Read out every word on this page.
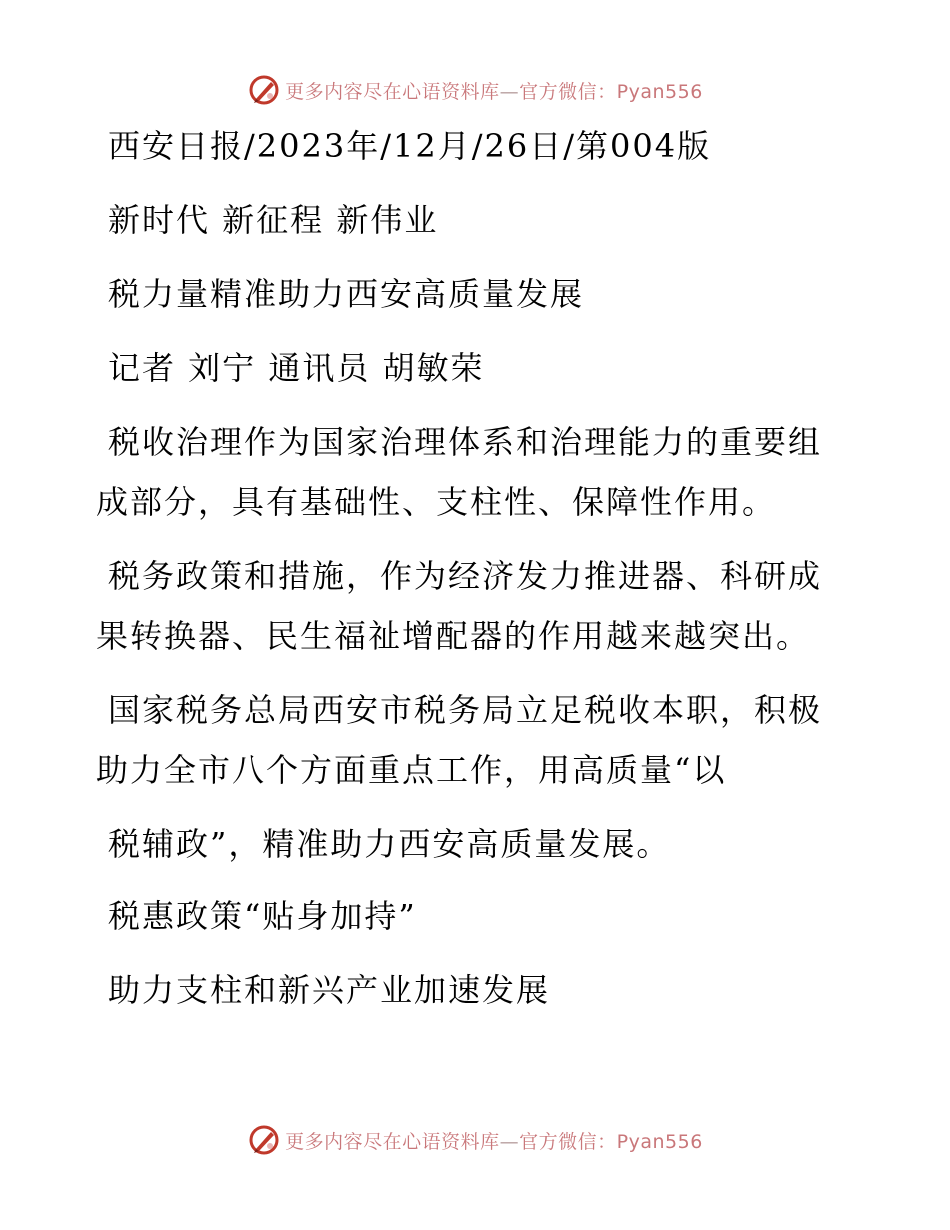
更多内容尽在心语资料库—官方微信：Pyan556
西安日报/2023年/12月/26日/第004版
新时代 新征程 新伟业
税力量精准助力西安高质量发展
记者 刘宁 通讯员 胡敏荣
税收治理作为国家治理体系和治理能力的重要组
成部分，具有基础性、支柱性、保障性作用。
税务政策和措施，作为经济发力推进器、科研成
果转换器、民生福祉增配器的作用越来越突出。
国家税务总局西安市税务局立足税收本职，积极
助力全市八个方面重点工作，用高质量“以
税辅政”，精准助力西安高质量发展。
税惠政策“贴身加持”
助力支柱和新兴产业加速发展
更多内容尽在心语资料库—官方微信：Pyan556
